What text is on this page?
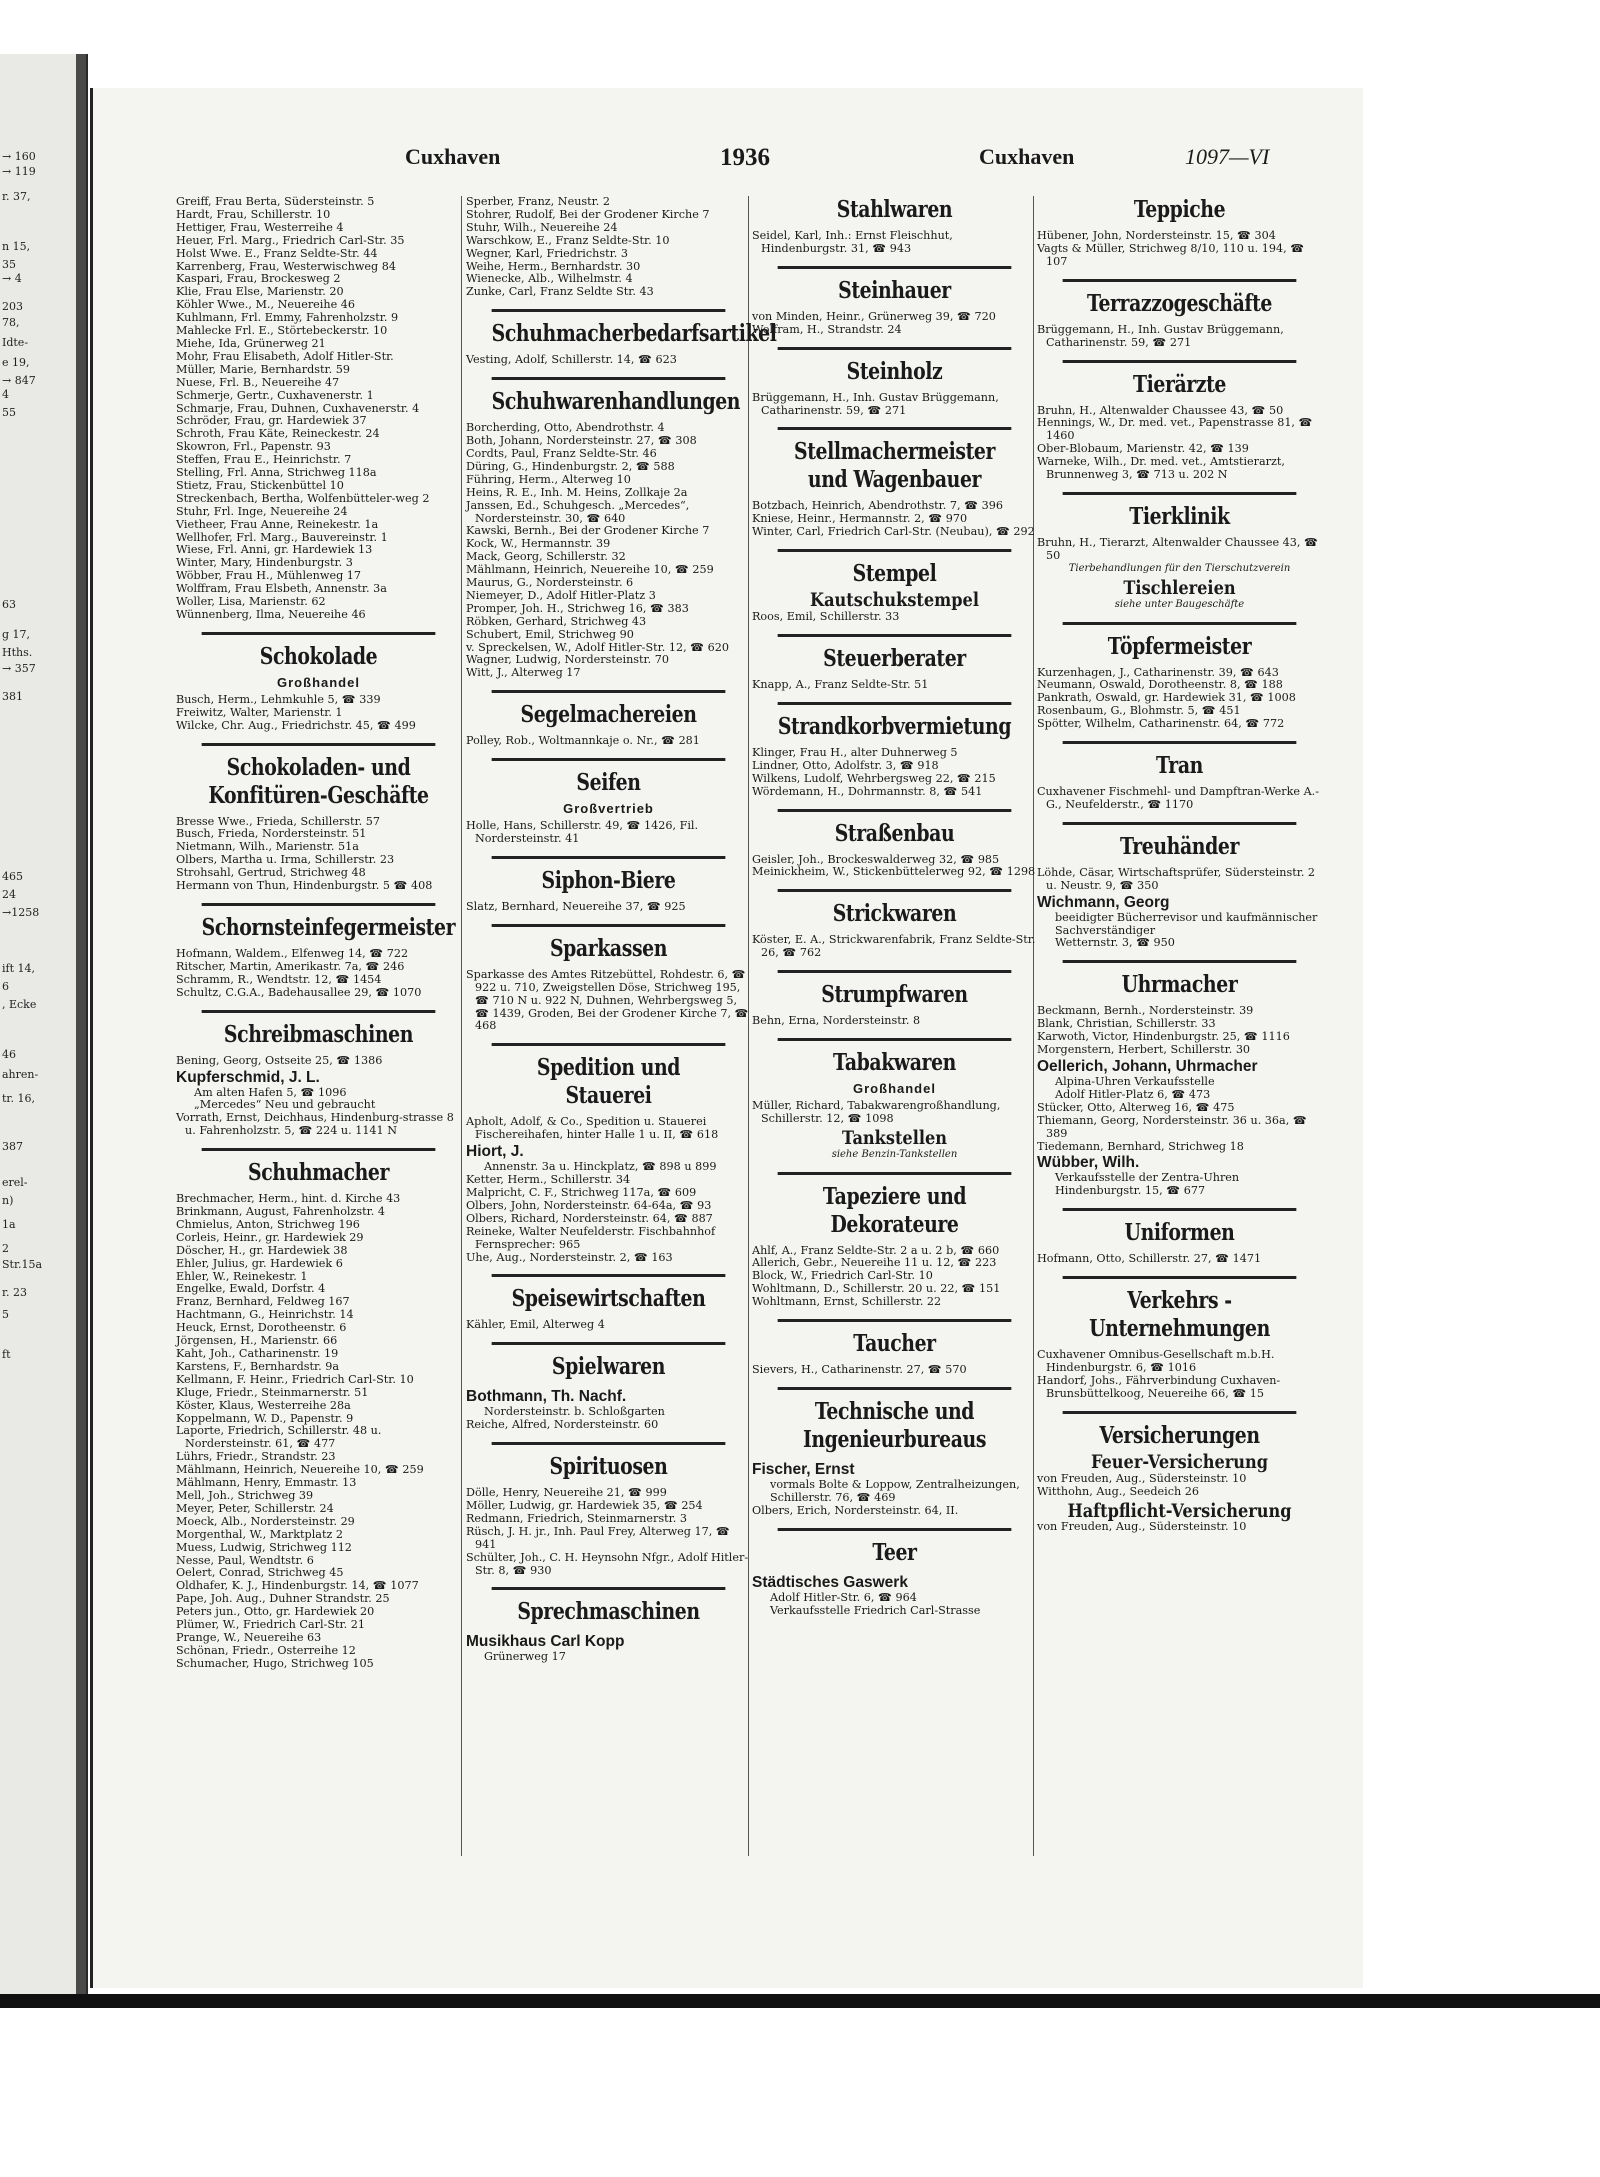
→ 160
→ 119
r. 37,
n 15,
35
→ 4
203
78,
Idte-
e 19,
→ 847
4
55
63
g 17,
Hths.
→ 357
381
465
24
→1258
ift 14,
6
, Ecke
46
ahren-
tr. 16,
387
erel-
n)
1a
2
Str.15a
r. 23
5
ft
Cuxhaven	1936	Cuxhaven	1097—VI
Greiff, Frau Berta, Südersteinstr. 5
Hardt, Frau, Schillerstr. 10
Hettiger, Frau, Westerreihe 4
Heuer, Frl. Marg., Friedrich Carl-Str. 35
Holst Wwe. E., Franz Seldte-Str. 44
Karrenberg, Frau, Westerwischweg 84
Kaspari, Frau, Brockesweg 2
Klie, Frau Else, Marienstr. 20
Köhler Wwe., M., Neuereihe 46
Kuhlmann, Frl. Emmy, Fahrenholzstr. 9
Mahlecke Frl. E., Störtebeckerstr. 10
Miehe, Ida, Grünerweg 21
Mohr, Frau Elisabeth, Adolf Hitler-Str.
Müller, Marie, Bernhardstr. 59
Nuese, Frl. B., Neuereihe 47
Schmerje, Gertr., Cuxhavenerstr. 1
Schmarje, Frau, Duhnen, Cuxhavenerstr. 4
Schröder, Frau, gr. Hardewiek 37
Schroth, Frau Käte, Reineckestr. 24
Skowron, Frl., Papenstr. 93
Steffen, Frau E., Heinrichstr. 7
Stelling, Frl. Anna, Strichweg 118a
Stietz, Frau, Stickenbüttel 10
Streckenbach, Bertha, Wolfenbütteler-weg 2
Stuhr, Frl. Inge, Neuereihe 24
Vietheer, Frau Anne, Reinekestr. 1a
Wellhofer, Frl. Marg., Bauvereinstr. 1
Wiese, Frl. Anni, gr. Hardewiek 13
Winter, Mary, Hindenburgstr. 3
Wöbber, Frau H., Mühlenweg 17
Wolffram, Frau Elsbeth, Annenstr. 3a
Woller, Lisa, Marienstr. 62
Wünnenberg, Ilma, Neuereihe 46
Schokolade
Großhandel
Busch, Herm., Lehmkuhle 5, ☎ 339
Freiwitz, Walter, Marienstr. 1
Wilcke, Chr. Aug., Friedrichstr. 45, ☎ 499
Schokoladen- und Konfitüren-Geschäfte
Bresse Wwe., Frieda, Schillerstr. 57
Busch, Frieda, Nordersteinstr. 51
Nietmann, Wilh., Marienstr. 51a
Olbers, Martha u. Irma, Schillerstr. 23
Strohsahl, Gertrud, Strichweg 48
Hermann von Thun, Hindenburgstr. 5 ☎ 408
Schornsteinfegermeister
Hofmann, Waldem., Elfenweg 14, ☎ 722
Ritscher, Martin, Amerikastr. 7a, ☎ 246
Schramm, R., Wendtstr. 12, ☎ 1454
Schultz, C.G.A., Badehausallee 29, ☎ 1070
Schreibmaschinen
Bening, Georg, Ostseite 25, ☎ 1386
Kupferschmid, J. L.
Am alten Hafen 5, ☎ 1096
„Mercedes“ Neu und gebraucht
Vorrath, Ernst, Deichhaus, Hindenburg-strasse 8 u. Fahrenholzstr. 5, ☎ 224 u. 1141 N
Schuhmacher
Brechmacher, Herm., hint. d. Kirche 43
Brinkmann, August, Fahrenholzstr. 4
Chmielus, Anton, Strichweg 196
Corleis, Heinr., gr. Hardewiek 29
Döscher, H., gr. Hardewiek 38
Ehler, Julius, gr. Hardewiek 6
Ehler, W., Reinekestr. 1
Engelke, Ewald, Dorfstr. 4
Franz, Bernhard, Feldweg 167
Hachtmann, G., Heinrichstr. 14
Heuck, Ernst, Dorotheenstr. 6
Jörgensen, H., Marienstr. 66
Kaht, Joh., Catharinenstr. 19
Karstens, F., Bernhardstr. 9a
Kellmann, F. Heinr., Friedrich Carl-Str. 10
Kluge, Friedr., Steinmarnerstr. 51
Köster, Klaus, Westerreihe 28a
Koppelmann, W. D., Papenstr. 9
Laporte, Friedrich, Schillerstr. 48 u. Nordersteinstr. 61, ☎ 477
Lührs, Friedr., Strandstr. 23
Mählmann, Heinrich, Neuereihe 10, ☎ 259
Mählmann, Henry, Emmastr. 13
Mell, Joh., Strichweg 39
Meyer, Peter, Schillerstr. 24
Moeck, Alb., Nordersteinstr. 29
Morgenthal, W., Marktplatz 2
Muess, Ludwig, Strichweg 112
Nesse, Paul, Wendtstr. 6
Oelert, Conrad, Strichweg 45
Oldhafer, K. J., Hindenburgstr. 14, ☎ 1077
Pape, Joh. Aug., Duhner Strandstr. 25
Peters jun., Otto, gr. Hardewiek 20
Plümer, W., Friedrich Carl-Str. 21
Prange, W., Neuereihe 63
Schönan, Friedr., Osterreihe 12
Schumacher, Hugo, Strichweg 105
Sperber, Franz, Neustr. 2
Stohrer, Rudolf, Bei der Grodener Kirche 7
Stuhr, Wilh., Neuereihe 24
Warschkow, E., Franz Seldte-Str. 10
Wegner, Karl, Friedrichstr. 3
Weihe, Herm., Bernhardstr. 30
Wienecke, Alb., Wilhelmstr. 4
Zunke, Carl, Franz Seldte Str. 43
Schuhmacherbedarfsartikel
Vesting, Adolf, Schillerstr. 14, ☎ 623
Schuhwarenhandlungen
Borcherding, Otto, Abendrothstr. 4
Both, Johann, Nordersteinstr. 27, ☎ 308
Cordts, Paul, Franz Seldte-Str. 46
Düring, G., Hindenburgstr. 2, ☎ 588
Führing, Herm., Alterweg 10
Heins, R. E., Inh. M. Heins, Zollkaje 2a
Janssen, Ed., Schuhgesch. „Mercedes“, Nordersteinstr. 30, ☎ 640
Kawski, Bernh., Bei der Grodener Kirche 7
Kock, W., Hermannstr. 39
Mack, Georg, Schillerstr. 32
Mählmann, Heinrich, Neuereihe 10, ☎ 259
Maurus, G., Nordersteinstr. 6
Niemeyer, D., Adolf Hitler-Platz 3
Promper, Joh. H., Strichweg 16, ☎ 383
Röbken, Gerhard, Strichweg 43
Schubert, Emil, Strichweg 90
v. Spreckelsen, W., Adolf Hitler-Str. 12, ☎ 620
Wagner, Ludwig, Nordersteinstr. 70
Witt, J., Alterweg 17
Segelmachereien
Polley, Rob., Woltmannkaje o. Nr., ☎ 281
Seifen
Großvertrieb
Holle, Hans, Schillerstr. 49, ☎ 1426, Fil. Nordersteinstr. 41
Siphon-Biere
Slatz, Bernhard, Neuereihe 37, ☎ 925
Sparkassen
Sparkasse des Amtes Ritzebüttel, Rohdestr. 6, ☎ 922 u. 710, Zweigstellen Döse, Strichweg 195, ☎ 710 N u. 922 N, Duhnen, Wehrbergsweg 5, ☎ 1439, Groden, Bei der Grodener Kirche 7, ☎ 468
Spedition und Stauerei
Apholt, Adolf, & Co., Spedition u. Stauerei Fischereihafen, hinter Halle 1 u. II, ☎ 618
Hiort, J.
Annenstr. 3a u. Hinckplatz, ☎ 898 u 899
Ketter, Herm., Schillerstr. 34
Malpricht, C. F., Strichweg 117a, ☎ 609
Olbers, John, Nordersteinstr. 64-64a, ☎ 93
Olbers, Richard, Nordersteinstr. 64, ☎ 887
Reineke, Walter Neufelderstr. Fischbahnhof Fernsprecher: 965
Uhe, Aug., Nordersteinstr. 2, ☎ 163
Speisewirtschaften
Kähler, Emil, Alterweg 4
Spielwaren
Bothmann, Th. Nachf.
Nordersteinstr. b. Schloßgarten
Reiche, Alfred, Nordersteinstr. 60
Spirituosen
Dölle, Henry, Neuereihe 21, ☎ 999
Möller, Ludwig, gr. Hardewiek 35, ☎ 254
Redmann, Friedrich, Steinmarnerstr. 3
Rüsch, J. H. jr., Inh. Paul Frey, Alterweg 17, ☎ 941
Schülter, Joh., C. H. Heynsohn Nfgr., Adolf Hitler-Str. 8, ☎ 930
Sprechmaschinen
Musikhaus Carl Kopp
Grünerweg 17
Stahlwaren
Seidel, Karl, Inh.: Ernst Fleischhut, Hindenburgstr. 31, ☎ 943
Steinhauer
von Minden, Heinr., Grünerweg 39, ☎ 720
Wolfram, H., Strandstr. 24
Steinholz
Brüggemann, H., Inh. Gustav Brüggemann, Catharinenstr. 59, ☎ 271
Stellmachermeister und Wagenbauer
Botzbach, Heinrich, Abendrothstr. 7, ☎ 396
Kniese, Heinr., Hermannstr. 2, ☎ 970
Winter, Carl, Friedrich Carl-Str. (Neubau), ☎ 292
Stempel
Kautschukstempel
Roos, Emil, Schillerstr. 33
Steuerberater
Knapp, A., Franz Seldte-Str. 51
Strandkorbvermietung
Klinger, Frau H., alter Duhnerweg 5
Lindner, Otto, Adolfstr. 3, ☎ 918
Wilkens, Ludolf, Wehrbergsweg 22, ☎ 215
Wördemann, H., Dohrmannstr. 8, ☎ 541
Straßenbau
Geisler, Joh., Brockeswalderweg 32, ☎ 985
Meinickheim, W., Stickenbüttelerweg 92, ☎ 1298
Strickwaren
Köster, E. A., Strickwarenfabrik, Franz Seldte-Str. 26, ☎ 762
Strumpfwaren
Behn, Erna, Nordersteinstr. 8
Tabakwaren
Großhandel
Müller, Richard, Tabakwarengroßhandlung, Schillerstr. 12, ☎ 1098
Tankstellen
siehe Benzin-Tankstellen
Tapeziere und Dekorateure
Ahlf, A., Franz Seldte-Str. 2 a u. 2 b, ☎ 660
Allerich, Gebr., Neuereihe 11 u. 12, ☎ 223
Block, W., Friedrich Carl-Str. 10
Wohltmann, D., Schillerstr. 20 u. 22, ☎ 151
Wohltmann, Ernst, Schillerstr. 22
Taucher
Sievers, H., Catharinenstr. 27, ☎ 570
Technische und Ingenieurbureaus
Fischer, Ernst
vormals Bolte & Loppow, Zentralheizungen, Schillerstr. 76, ☎ 469
Olbers, Erich, Nordersteinstr. 64, II.
Teer
Städtisches Gaswerk
Adolf Hitler-Str. 6, ☎ 964
Verkaufsstelle Friedrich Carl-Strasse
Teppiche
Hübener, John, Nordersteinstr. 15, ☎ 304
Vagts & Müller, Strichweg 8/10, 110 u. 194, ☎ 107
Terrazzogeschäfte
Brüggemann, H., Inh. Gustav Brüggemann, Catharinenstr. 59, ☎ 271
Tierärzte
Bruhn, H., Altenwalder Chaussee 43, ☎ 50
Hennings, W., Dr. med. vet., Papenstrasse 81, ☎ 1460
Ober-Blobaum, Marienstr. 42, ☎ 139
Warneke, Wilh., Dr. med. vet., Amtstierarzt, Brunnenweg 3, ☎ 713 u. 202 N
Tierklinik
Bruhn, H., Tierarzt, Altenwalder Chaussee 43, ☎ 50
Tierbehandlungen für den Tierschutzverein
Tischlereien
siehe unter Baugeschäfte
Töpfermeister
Kurzenhagen, J., Catharinenstr. 39, ☎ 643
Neumann, Oswald, Dorotheenstr. 8, ☎ 188
Pankrath, Oswald, gr. Hardewiek 31, ☎ 1008
Rosenbaum, G., Blohmstr. 5, ☎ 451
Spötter, Wilhelm, Catharinenstr. 64, ☎ 772
Tran
Cuxhavener Fischmehl- und Dampftran-Werke A.-G., Neufelderstr., ☎ 1170
Treuhänder
Löhde, Cäsar, Wirtschaftsprüfer, Südersteinstr. 2 u. Neustr. 9, ☎ 350
Wichmann, Georg
beeidigter Bücherrevisor und kaufmännischer Sachverständiger
Wetternstr. 3, ☎ 950
Uhrmacher
Beckmann, Bernh., Nordersteinstr. 39
Blank, Christian, Schillerstr. 33
Karwoth, Victor, Hindenburgstr. 25, ☎ 1116
Morgenstern, Herbert, Schillerstr. 30
Oellerich, Johann, Uhrmacher
Alpina-Uhren Verkaufsstelle
Adolf Hitler-Platz 6, ☎ 473
Stücker, Otto, Alterweg 16, ☎ 475
Thiemann, Georg, Nordersteinstr. 36 u. 36a, ☎ 389
Tiedemann, Bernhard, Strichweg 18
Wübber, Wilh.
Verkaufsstelle der Zentra-Uhren
Hindenburgstr. 15, ☎ 677
Uniformen
Hofmann, Otto, Schillerstr. 27, ☎ 1471
Verkehrs - Unternehmungen
Cuxhavener Omnibus-Gesellschaft m.b.H. Hindenburgstr. 6, ☎ 1016
Handorf, Johs., Fährverbindung Cuxhaven-Brunsbüttelkoog, Neuereihe 66, ☎ 15
Versicherungen
Feuer-Versicherung
von Freuden, Aug., Südersteinstr. 10
Witthohn, Aug., Seedeich 26
Haftpflicht-Versicherung
von Freuden, Aug., Südersteinstr. 10
